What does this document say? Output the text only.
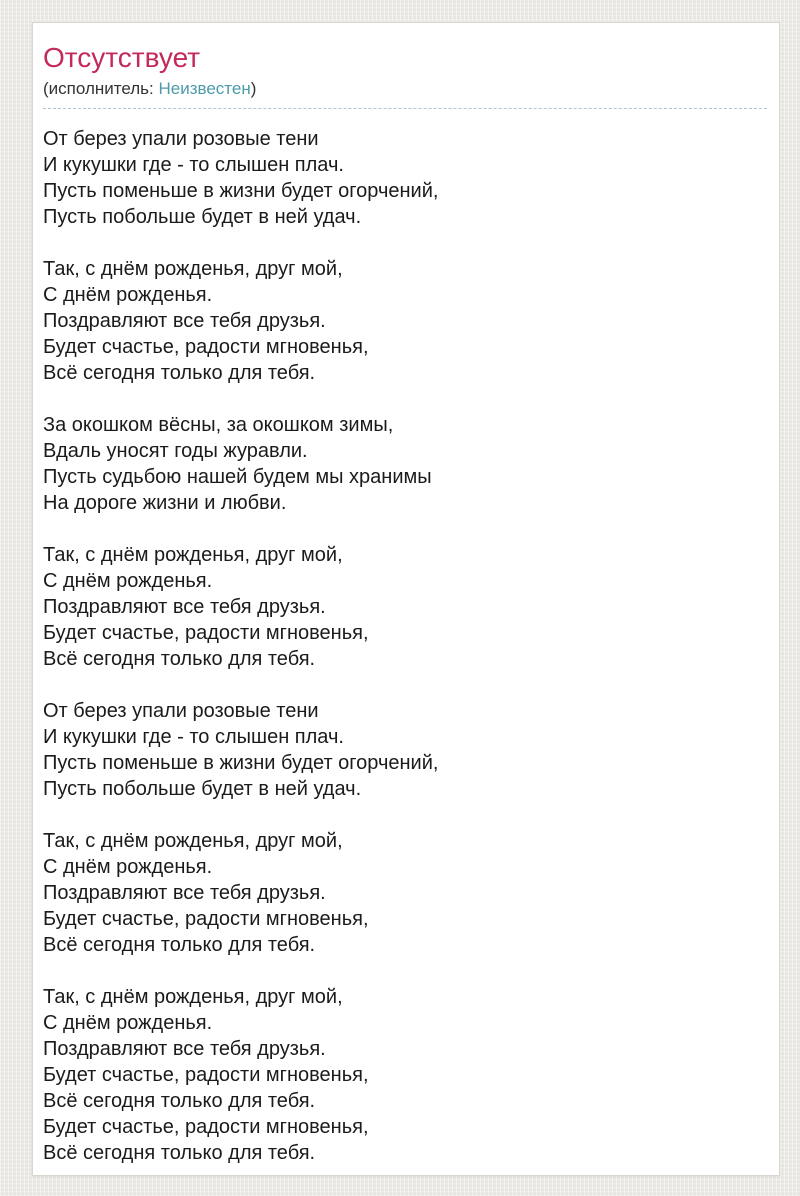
Отсутствует

(исполнитель: Неизвестен)

От берез упали розовые тени
И кукушки где - то слышен плач.
Пусть поменьше в жизни будет огорчений,
Пусть побольше будет в ней удач.
Так, с днём рожденья, друг мой,
С днём рожденья.
Поздравляют все тебя друзья.
Будет счастье, радости мгновенья,
Всё сегодня только для тебя.
За окошком вёсны, за окошком зимы,
Вдаль уносят годы журавли.
Пусть судьбою нашей будем мы хранимы
На дороге жизни и любви.
Так, с днём рожденья, друг мой,
С днём рожденья.
Поздравляют все тебя друзья.
Будет счастье, радости мгновенья,
Всё сегодня только для тебя.
От берез упали розовые тени
И кукушки где - то слышен плач.
Пусть поменьше в жизни будет огорчений,
Пусть побольше будет в ней удач.
Так, с днём рожденья, друг мой,
С днём рожденья.
Поздравляют все тебя друзья.
Будет счастье, радости мгновенья,
Всё сегодня только для тебя.
Так, с днём рожденья, друг мой,
С днём рожденья.
Поздравляют все тебя друзья.
Будет счастье, радости мгновенья,
Всё сегодня только для тебя.
Будет счастье, радости мгновенья,
Всё сегодня только для тебя.
